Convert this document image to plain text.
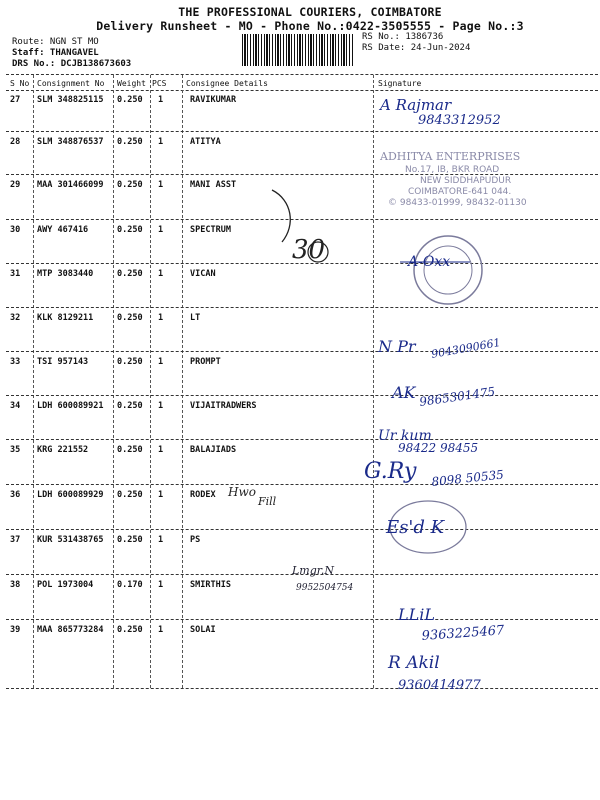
THE PROFESSIONAL COURIERS, COIMBATORE
Delivery Runsheet - MO - Phone No.:0422-3505555 - Page No.:3
Route: NGN ST MO
Staff: THANGAVEL
DRS No.: DCJB138673603
RS No.: 1386736
RS Date: 24-Jun-2024
S No Consignment No Weight PCS Consignee Details	Signature
27 SLM 348825115 0.250 1	RAVIKUMAR
28 SLM 348876537 0.250 1	ATITYA
29 MAA 301466099 0.250 1	MANI ASST
30 AWY 467416	0.250 1	SPECTRUM
31 MTP 3083440	0.250 1	VICAN
32 KLK 8129211	0.250 1	LT
33 TSI 957143	0.250 1	PROMPT
34 LDH 600089921 0.250 1	VIJAITRADWERS
35 KRG 221552	0.250 1	BALAJIADS
36 LDH 600089929 0.250 1	RODEX
37 KUR 531438765 0.250 1	PS
38 POL 1973004	0.170 1	SMIRTHIS
39 MAA 865773284 0.250 1	SOLAI
A Rajmar
9843312952
ADHITYA ENTERPRISES
No.17, IB, BKR ROAD
NEW SIDDHAPUDUR
COIMBATORE-641 044.
© 98433-01999, 98432-01130
30	A-Oxx
N Pr 9043090661
AK 9865301475
Ur kum
98422 98455
Hwo
Fill
G.Ry 8098 50535
Es'd K
Lmgr.N
9952504754
LLiL
9363225467
R Akil
9360414977
